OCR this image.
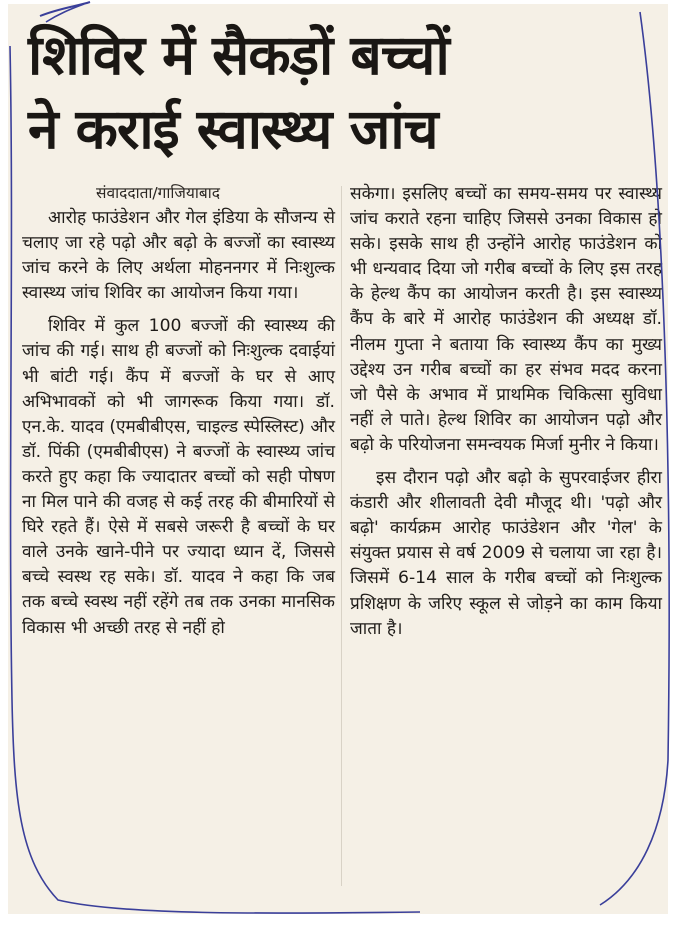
शिविर में सैकड़ों बच्चों
ने कराई स्वास्थ्य जांच
संवाददाता/गाजियाबाद

आरोह फाउंडेशन और गेल इंडिया के सौजन्य से चलाए जा रहे पढ़ो और बढ़ो के बज्जों का स्वास्थ्य जांच करने के लिए अर्थला मोहननगर में निःशुल्क स्वास्थ्य जांच शिविर का आयोजन किया गया।

शिविर में कुल 100 बज्जों की स्वास्थ्य की जांच की गई। साथ ही बज्जों को निःशुल्क दवाईयां भी बांटी गई। कैंप में बज्जों के घर से आए अभिभावकों को भी जागरूक किया गया। डॉ. एन.के. यादव (एमबीबीएस, चाइल्ड स्पेस्लिस्ट) और डॉ. पिंकी (एमबीबीएस) ने बज्जों के स्वास्थ्य जांच करते हुए कहा कि ज्यादातर बच्चों को सही पोषण ना मिल पाने की वजह से कई तरह की बीमारियों से घिरे रहते हैं। ऐसे में सबसे जरूरी है बच्चों के घर वाले उनके खाने-पीने पर ज्यादा ध्यान दें, जिससे बच्चे स्वस्थ रह सके। डॉ. यादव ने कहा कि जब तक बच्चे स्वस्थ नहीं रहेंगे तब तक उनका मानसिक विकास भी अच्छी तरह से नहीं हो

सकेगा। इसलिए बच्चों का समय-समय पर स्वास्थ्य जांच कराते रहना चाहिए जिससे उनका विकास हो सके। इसके साथ ही उन्होंने आरोह फाउंडेशन को भी धन्यवाद दिया जो गरीब बच्चों के लिए इस तरह के हेल्थ कैंप का आयोजन करती है। इस स्वास्थ्य कैंप के बारे में आरोह फाउंडेशन की अध्यक्ष डॉ. नीलम गुप्ता ने बताया कि स्वास्थ्य कैंप का मुख्य उद्देश्य उन गरीब बच्चों का हर संभव मदद करना जो पैसे के अभाव में प्राथमिक चिकित्सा सुविधा नहीं ले पाते। हेल्थ शिविर का आयोजन पढ़ो और बढ़ो के परियोजना समन्वयक मिर्जा मुनीर ने किया।

इस दौरान पढ़ो और बढ़ो के सुपरवाईजर हीरा कंडारी और शीलावती देवी मौजूद थी। 'पढ़ो और बढ़ो' कार्यक्रम आरोह फाउंडेशन और 'गेल' के संयुक्त प्रयास से वर्ष 2009 से चलाया जा रहा है। जिसमें 6-14 साल के गरीब बच्चों को निःशुल्क प्रशिक्षण के जरिए स्कूल से जोड़ने का काम किया जाता है।
